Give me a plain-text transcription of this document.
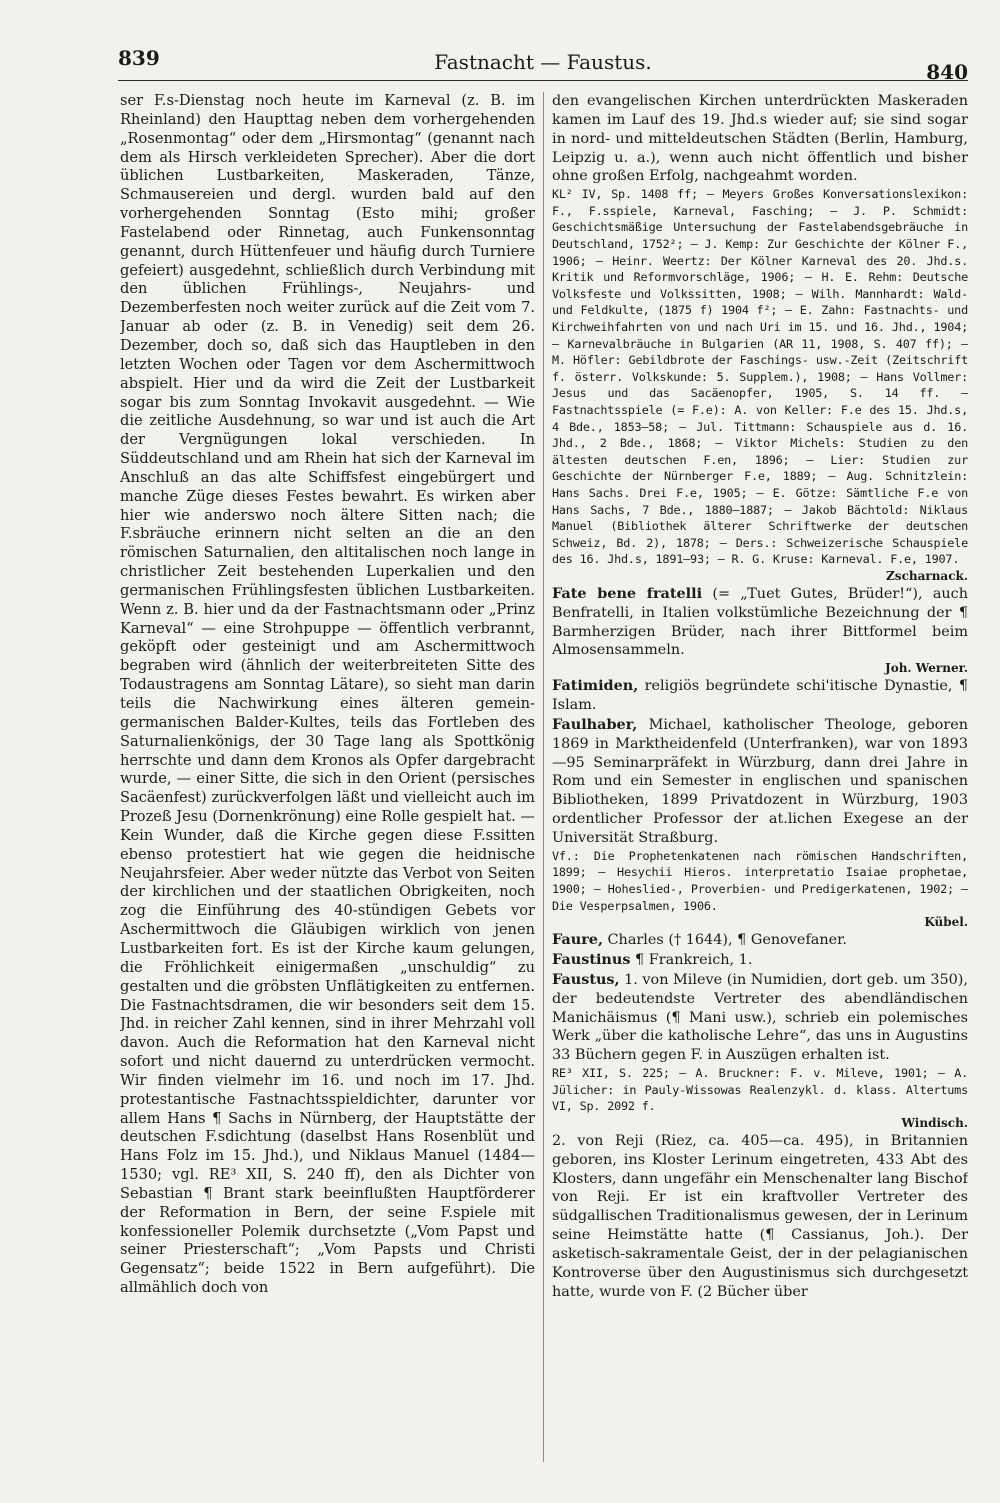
839	Fastnacht — Faustus.	840

ser F.s-Dienstag noch heute im Karneval (z. B. im Rheinland) den Haupttag neben dem vorhergehenden „Rosenmontag“ oder dem „Hirsmontag“ (genannt nach dem als Hirsch verkleideten Sprecher). Aber die dort üblichen Lustbarkeiten, Maskeraden, Tänze, Schmausereien und dergl. wurden bald auf den vorhergehenden Sonntag (Esto mihi; großer Fastelabend oder Rinnetag, auch Funkensonntag genannt, durch Hüttenfeuer und häufig durch Turniere gefeiert) ausgedehnt, schließlich durch Verbindung mit den üblichen Frühlings-, Neujahrs- und Dezemberfesten noch weiter zurück auf die Zeit vom 7. Januar ab oder (z. B. in Venedig) seit dem 26. Dezember, doch so, daß sich das Hauptleben in den letzten Wochen oder Tagen vor dem Aschermittwoch abspielt. Hier und da wird die Zeit der Lustbarkeit sogar bis zum Sonntag Invokavit ausgedehnt. — Wie die zeitliche Ausdehnung, so war und ist auch die Art der Vergnügungen lokal verschieden. In Süddeutschland und am Rhein hat sich der Karneval im Anschluß an das alte Schiffsfest eingebürgert und manche Züge dieses Festes bewahrt. Es wirken aber hier wie anderswo noch ältere Sitten nach; die F.sbräuche erinnern nicht selten an die an den römischen Saturnalien, den altitalischen noch lange in christlicher Zeit bestehenden Luperkalien und den germanischen Frühlingsfesten üblichen Lustbarkeiten. Wenn z. B. hier und da der Fastnachtsmann oder „Prinz Karneval“ — eine Strohpuppe — öffentlich verbrannt, geköpft oder gesteinigt und am Aschermittwoch begraben wird (ähnlich der weiterbreiteten Sitte des Todaustragens am Sonntag Lätare), so sieht man darin teils die Nachwirkung eines älteren gemein-germanischen Balder-Kultes, teils das Fortleben des Saturnalienkönigs, der 30 Tage lang als Spottkönig herrschte und dann dem Kronos als Opfer dargebracht wurde, — einer Sitte, die sich in den Orient (persisches Sacäenfest) zurückverfolgen läßt und vielleicht auch im Prozeß Jesu (Dornenkrönung) eine Rolle gespielt hat. — Kein Wunder, daß die Kirche gegen diese F.ssitten ebenso protestiert hat wie gegen die heidnische Neujahrsfeier. Aber weder nützte das Verbot von Seiten der kirchlichen und der staatlichen Obrigkeiten, noch zog die Einführung des 40-stündigen Gebets vor Aschermittwoch die Gläubigen wirklich von jenen Lustbarkeiten fort. Es ist der Kirche kaum gelungen, die Fröhlichkeit einigermaßen „unschuldig“ zu gestalten und die gröbsten Unflätigkeiten zu entfernen. Die Fastnachtsdramen, die wir besonders seit dem 15. Jhd. in reicher Zahl kennen, sind in ihrer Mehrzahl voll davon. Auch die Reformation hat den Karneval nicht sofort und nicht dauernd zu unterdrücken vermocht. Wir finden vielmehr im 16. und noch im 17. Jhd. protestantische Fastnachtsspieldichter, darunter vor allem Hans ¶ Sachs in Nürnberg, der Hauptstätte der deutschen F.sdichtung (daselbst Hans Rosenblüt und Hans Folz im 15. Jhd.), und Niklaus Manuel (1484—1530; vgl. RE³ XII, S. 240 ff), den als Dichter von Sebastian ¶ Brant stark beeinflußten Hauptförderer der Reformation in Bern, der seine F.spiele mit konfessioneller Polemik durchsetzte („Vom Papst und seiner Priesterschaft“; „Vom Papsts und Christi Gegensatz“; beide 1522 in Bern aufgeführt). Die allmählich doch von

den evangelischen Kirchen unterdrückten Maskeraden kamen im Lauf des 19. Jhd.s wieder auf; sie sind sogar in nord- und mitteldeutschen Städten (Berlin, Hamburg, Leipzig u. a.), wenn auch nicht öffentlich und bisher ohne großen Erfolg, nachgeahmt worden.

KL² IV, Sp. 1408 ff; — Meyers Großes Konversationslexikon: F., F.sspiele, Karneval, Fasching; — J. P. Schmidt: Geschichtsmäßige Untersuchung der Fastelabendsgebräuche in Deutschland, 1752²; — J. Kemp: Zur Geschichte der Kölner F., 1906; — Heinr. Weertz: Der Kölner Karneval des 20. Jhd.s. Kritik und Reformvorschläge, 1906; — H. E. Rehm: Deutsche Volksfeste und Volkssitten, 1908; — Wilh. Mannhardt: Wald- und Feldkulte, (1875 f) 1904 f²; — E. Zahn: Fastnachts- und Kirchweihfahrten von und nach Uri im 15. und 16. Jhd., 1904; — Karnevalbräuche in Bulgarien (AR 11, 1908, S. 407 ff); — M. Höfler: Gebildbrote der Faschings- usw.-Zeit (Zeitschrift f. österr. Volkskunde: 5. Supplem.), 1908; — Hans Vollmer: Jesus und das Sacäenopfer, 1905, S. 14 ff. — Fastnachtsspiele (= F.e): A. von Keller: F.e des 15. Jhd.s, 4 Bde., 1853—58; — Jul. Tittmann: Schauspiele aus d. 16. Jhd., 2 Bde., 1868; — Viktor Michels: Studien zu den ältesten deutschen F.en, 1896; — Lier: Studien zur Geschichte der Nürnberger F.e, 1889; — Aug. Schnitzlein: Hans Sachs. Drei F.e, 1905; — E. Götze: Sämtliche F.e von Hans Sachs, 7 Bde., 1880—1887; — Jakob Bächtold: Niklaus Manuel (Bibliothek älterer Schriftwerke der deutschen Schweiz, Bd. 2), 1878; — Ders.: Schweizerische Schauspiele des 16. Jhd.s, 1891—93; — R. G. Kruse: Karneval. F.e, 1907.

Zscharnack.

Fate bene fratelli (= „Tuet Gutes, Brüder!“), auch Benfratelli, in Italien volkstümliche Bezeichnung der ¶ Barmherzigen Brüder, nach ihrer Bittformel beim Almosensammeln.

Joh. Werner.

Fatimiden, religiös begründete schi'itische Dynastie, ¶ Islam.

Faulhaber, Michael, katholischer Theologe, geboren 1869 in Marktheidenfeld (Unterfranken), war von 1893—95 Seminarpräfekt in Würzburg, dann drei Jahre in Rom und ein Semester in englischen und spanischen Bibliotheken, 1899 Privatdozent in Würzburg, 1903 ordentlicher Professor der at.lichen Exegese an der Universität Straßburg.

Vf.: Die Prophetenkatenen nach römischen Handschriften, 1899; — Hesychii Hieros. interpretatio Isaiae prophetae, 1900; — Hoheslied-, Proverbien- und Predigerkatenen, 1902; — Die Vesperpsalmen, 1906.

Kübel.

Faure, Charles († 1644), ¶ Genovefaner.

Faustinus ¶ Frankreich, 1.

Faustus, 1. von Mileve (in Numidien, dort geb. um 350), der bedeutendste Vertreter des abendländischen Manichäismus (¶ Mani usw.), schrieb ein polemisches Werk „über die katholische Lehre“, das uns in Augustins 33 Büchern gegen F. in Auszügen erhalten ist.

RE³ XII, S. 225; — A. Bruckner: F. v. Mileve, 1901; — A. Jülicher: in Pauly-Wissowas Realenzykl. d. klass. Altertums VI, Sp. 2092 f.

Windisch.

2. von Reji (Riez, ca. 405—ca. 495), in Britannien geboren, ins Kloster Lerinum eingetreten, 433 Abt des Klosters, dann ungefähr ein Menschenalter lang Bischof von Reji. Er ist ein kraftvoller Vertreter des südgallischen Traditionalismus gewesen, der in Lerinum seine Heimstätte hatte (¶ Cassianus, Joh.). Der asketisch-sakramentale Geist, der in der pelagianischen Kontroverse über den Augustinismus sich durchgesetzt hatte, wurde von F. (2 Bücher über
